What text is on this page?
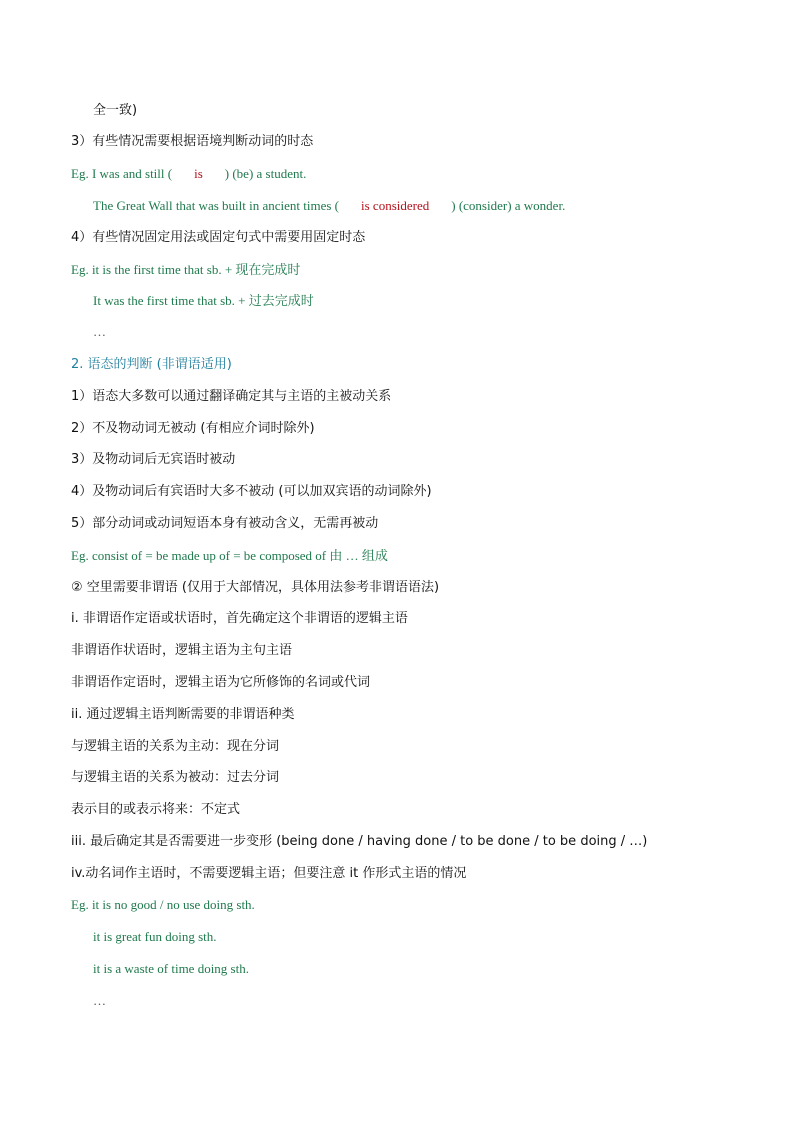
全一致)
3）有些情况需要根据语境判断动词的时态
Eg. I was and still ( is ) (be) a student.
The Great Wall that was built in ancient times ( is considered ) (consider) a wonder.
4）有些情况固定用法或固定句式中需要用固定时态
Eg. it is the first time that sb. + 现在完成时
It was the first time that sb. + 过去完成时
…
2. 语态的判断 (非谓语适用)
1）语态大多数可以通过翻译确定其与主语的主被动关系
2）不及物动词无被动 (有相应介词时除外)
3）及物动词后无宾语时被动
4）及物动词后有宾语时大多不被动 (可以加双宾语的动词除外)
5）部分动词或动词短语本身有被动含义，无需再被动
Eg. consist of = be made up of = be composed of 由 … 组成
② 空里需要非谓语 (仅用于大部情况，具体用法参考非谓语语法)
i. 非谓语作定语或状语时，首先确定这个非谓语的逻辑主语
非谓语作状语时，逻辑主语为主句主语
非谓语作定语时，逻辑主语为它所修饰的名词或代词
ii. 通过逻辑主语判断需要的非谓语种类
与逻辑主语的关系为主动：现在分词
与逻辑主语的关系为被动：过去分词
表示目的或表示将来：不定式
iii. 最后确定其是否需要进一步变形 (being done / having done / to be done / to be doing / …)
iv.动名词作主语时，不需要逻辑主语；但要注意 it 作形式主语的情况
Eg. it is no good / no use doing sth.
it is great fun doing sth.
it is a waste of time doing sth.
…
